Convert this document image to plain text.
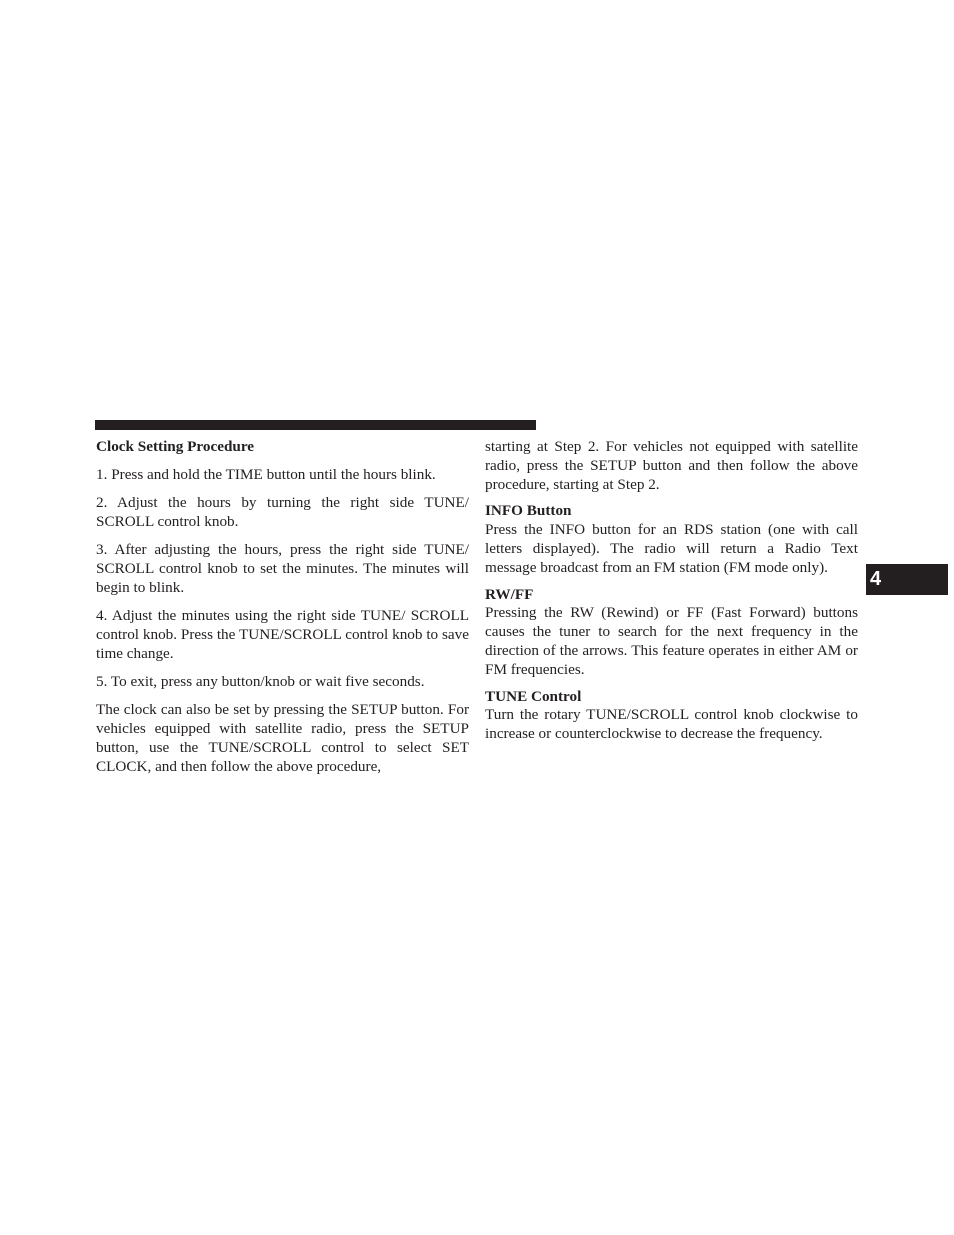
Clock Setting Procedure

1. Press and hold the TIME button until the hours blink.

2. Adjust the hours by turning the right side TUNE/ SCROLL control knob.

3. After adjusting the hours, press the right side TUNE/ SCROLL control knob to set the minutes. The minutes will begin to blink.

4. Adjust the minutes using the right side TUNE/ SCROLL control knob. Press the TUNE/SCROLL control knob to save time change.

5. To exit, press any button/knob or wait five seconds.

The clock can also be set by pressing the SETUP button. For vehicles equipped with satellite radio, press the SETUP button, use the TUNE/SCROLL control to select SET CLOCK, and then follow the above procedure,

starting at Step 2. For vehicles not equipped with satellite radio, press the SETUP button and then follow the above procedure, starting at Step 2.

INFO Button

Press the INFO button for an RDS station (one with call letters displayed). The radio will return a Radio Text message broadcast from an FM station (FM mode only).

RW/FF

Pressing the RW (Rewind) or FF (Fast Forward) buttons causes the tuner to search for the next frequency in the direction of the arrows. This feature operates in either AM or FM frequencies.

TUNE Control

Turn the rotary TUNE/SCROLL control knob clockwise to increase or counterclockwise to decrease the frequency.

4
